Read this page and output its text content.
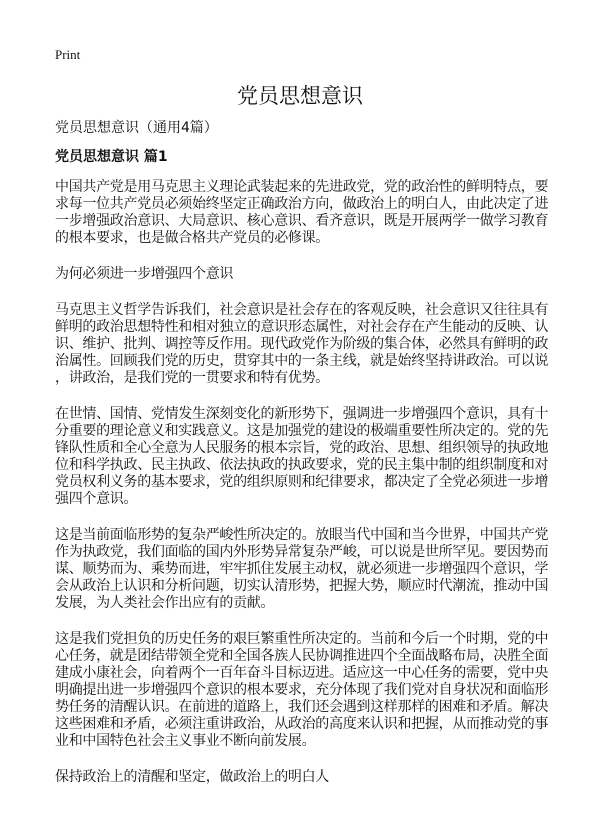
Print
党员思想意识
党员思想意识（通用4篇）
党员思想意识 篇1
中国共产党是用马克思主义理论武装起来的先进政党，党的政治性的鲜明特点，要
求每一位共产党员必须始终坚定正确政治方向，做政治上的明白人，由此决定了进
一步增强政治意识、大局意识、核心意识、看齐意识，既是开展两学一做学习教育
的根本要求，也是做合格共产党员的必修课。
为何必须进一步增强四个意识
马克思主义哲学告诉我们，社会意识是社会存在的客观反映，社会意识又往往具有
鲜明的政治思想特性和相对独立的意识形态属性，对社会存在产生能动的反映、认
识、维护、批判、调控等反作用。现代政党作为阶级的集合体，必然具有鲜明的政
治属性。回顾我们党的历史，贯穿其中的一条主线，就是始终坚持讲政治。可以说
，讲政治，是我们党的一贯要求和特有优势。
在世情、国情、党情发生深刻变化的新形势下，强调进一步增强四个意识，具有十
分重要的理论意义和实践意义。这是加强党的建设的极端重要性所决定的。党的先
锋队性质和全心全意为人民服务的根本宗旨，党的政治、思想、组织领导的执政地
位和科学执政、民主执政、依法执政的执政要求，党的民主集中制的组织制度和对
党员权利义务的基本要求，党的组织原则和纪律要求，都决定了全党必须进一步增
强四个意识。
这是当前面临形势的复杂严峻性所决定的。放眼当代中国和当今世界，中国共产党
作为执政党，我们面临的国内外形势异常复杂严峻，可以说是世所罕见。要因势而
谋、顺势而为、乘势而进，牢牢抓住发展主动权，就必须进一步增强四个意识，学
会从政治上认识和分析问题，切实认清形势，把握大势，顺应时代潮流，推动中国
发展，为人类社会作出应有的贡献。
这是我们党担负的历史任务的艰巨繁重性所决定的。当前和今后一个时期，党的中
心任务，就是团结带领全党和全国各族人民协调推进四个全面战略布局，决胜全面
建成小康社会，向着两个一百年奋斗目标迈进。适应这一中心任务的需要，党中央
明确提出进一步增强四个意识的根本要求，充分体现了我们党对自身状况和面临形
势任务的清醒认识。在前进的道路上，我们还会遇到这样那样的困难和矛盾。解决
这些困难和矛盾，必须注重讲政治，从政治的高度来认识和把握，从而推动党的事
业和中国特色社会主义事业不断向前发展。
保持政治上的清醒和坚定，做政治上的明白人
